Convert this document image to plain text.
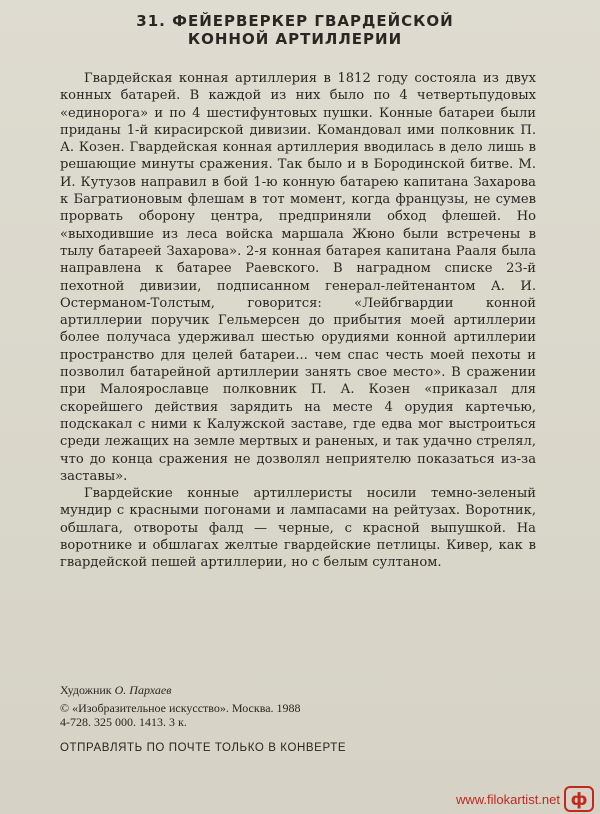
31. ФЕЙЕРВЕРКЕР ГВАРДЕЙСКОЙ
КОННОЙ АРТИЛЛЕРИИ

Гвардейская конная артиллерия в 1812 году состояла из двух конных батарей. В каждой из них было по 4 четвертьпудовых «единорога» и по 4 шестифунтовых пушки. Конные батареи были приданы 1-й кирасирской дивизии. Командовал ими полковник П. А. Козен. Гвардейская конная артиллерия вводилась в дело лишь в решающие минуты сражения. Так было и в Бородинской битве. М. И. Кутузов направил в бой 1-ю конную батарею капитана Захарова к Багратионовым флешам в тот момент, когда французы, не сумев прорвать оборону центра, предприняли обход флешей. Но «выходившие из леса войска маршала Жюно были встречены в тылу батареей Захарова». 2-я конная батарея капитана Рааля была направлена к батарее Раевского. В наградном списке 23-й пехотной дивизии, подписанном генерал-лейтенантом А. И. Остерманом-Толстым, говорится: «Лейбгвардии конной артиллерии поручик Гельмерсен до прибытия моей артиллерии более получаса удерживал шестью орудиями конной артиллерии пространство для целей батареи... чем спас честь моей пехоты и позволил батарейной артиллерии занять свое место». В сражении при Малоярославце полковник П. А. Козен «приказал для скорейшего действия зарядить на месте 4 орудия картечью, подскакал с ними к Калужской заставе, где едва мог выстроиться среди лежащих на земле мертвых и раненых, и так удачно стрелял, что до конца сражения не дозволял неприятелю показаться из-за заставы».

Гвардейские конные артиллеристы носили темно-зеленый мундир с красными погонами и лампасами на рейтузах. Воротник, обшлага, отвороты фалд — черные, с красной выпушкой. На воротнике и обшлагах желтые гвардейские петлицы. Кивер, как в гвардейской пешей артиллерии, но с белым султаном.

Художник О. Пархаев
© «Изобразительное искусство». Москва. 1988
4-728. 325 000. 1413. 3 к.
ОТПРАВЛЯТЬ ПО ПОЧТЕ ТОЛЬКО В КОНВЕРТЕ
www.filokartist.net ф
